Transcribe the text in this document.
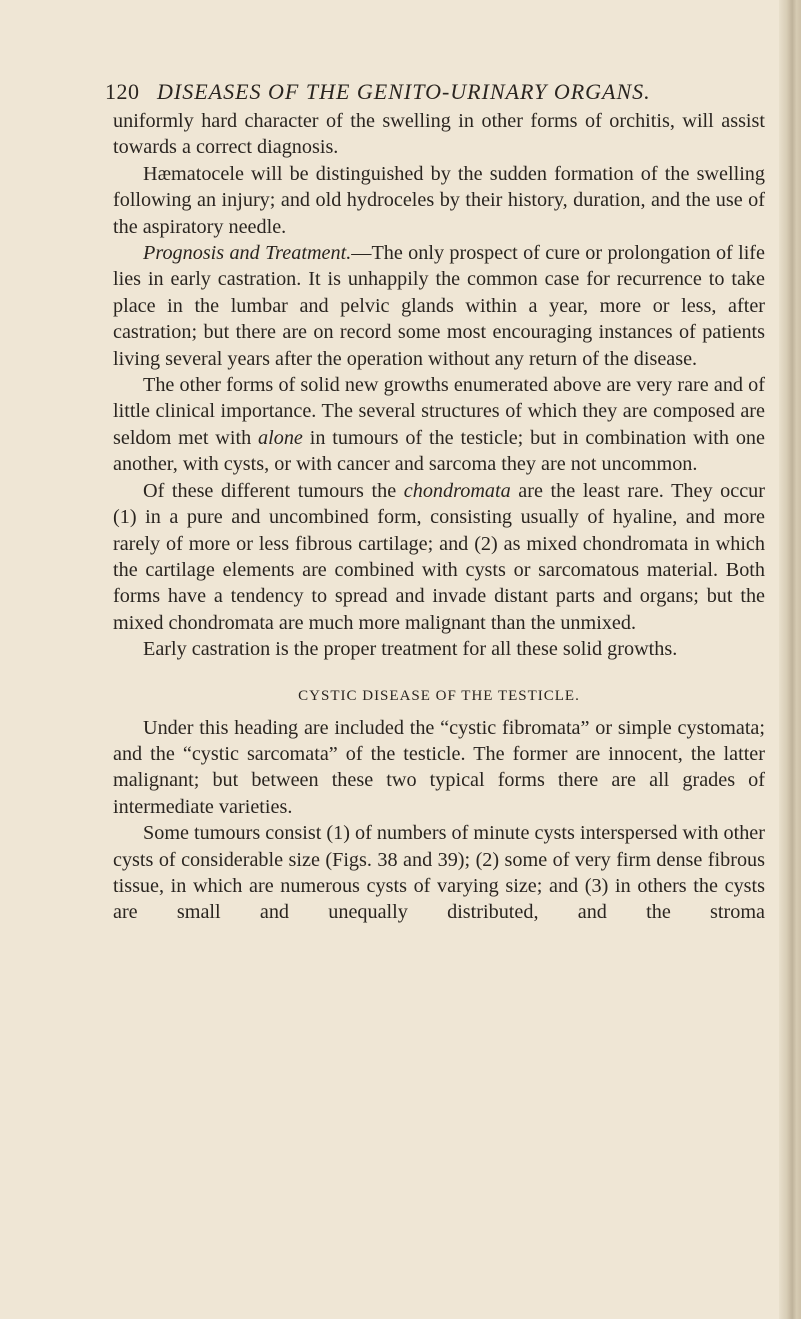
120 DISEASES OF THE GENITO-URINARY ORGANS.

uniformly hard character of the swelling in other forms of orchitis, will assist towards a correct diagnosis.

Hæmatocele will be distinguished by the sudden formation of the swelling following an injury; and old hydroceles by their history, duration, and the use of the aspiratory needle.

Prognosis and Treatment.—The only prospect of cure or prolongation of life lies in early castration. It is unhappily the common case for recurrence to take place in the lumbar and pelvic glands within a year, more or less, after castration; but there are on record some most encouraging instances of patients living several years after the operation without any return of the disease.

The other forms of solid new growths enumerated above are very rare and of little clinical importance. The several structures of which they are composed are seldom met with alone in tumours of the testicle; but in combination with one another, with cysts, or with cancer and sarcoma they are not uncommon.

Of these different tumours the chondromata are the least rare. They occur (1) in a pure and uncombined form, consisting usually of hyaline, and more rarely of more or less fibrous cartilage; and (2) as mixed chondromata in which the cartilage elements are combined with cysts or sarcomatous material. Both forms have a tendency to spread and invade distant parts and organs; but the mixed chondromata are much more malignant than the unmixed.

Early castration is the proper treatment for all these solid growths.

CYSTIC DISEASE OF THE TESTICLE.

Under this heading are included the “cystic fibromata” or simple cystomata; and the “cystic sarcomata” of the testicle. The former are innocent, the latter malignant; but between these two typical forms there are all grades of intermediate varieties.

Some tumours consist (1) of numbers of minute cysts interspersed with other cysts of considerable size (Figs. 38 and 39); (2) some of very firm dense fibrous tissue, in which are numerous cysts of varying size; and (3) in others the cysts are small and unequally distributed, and the stroma
